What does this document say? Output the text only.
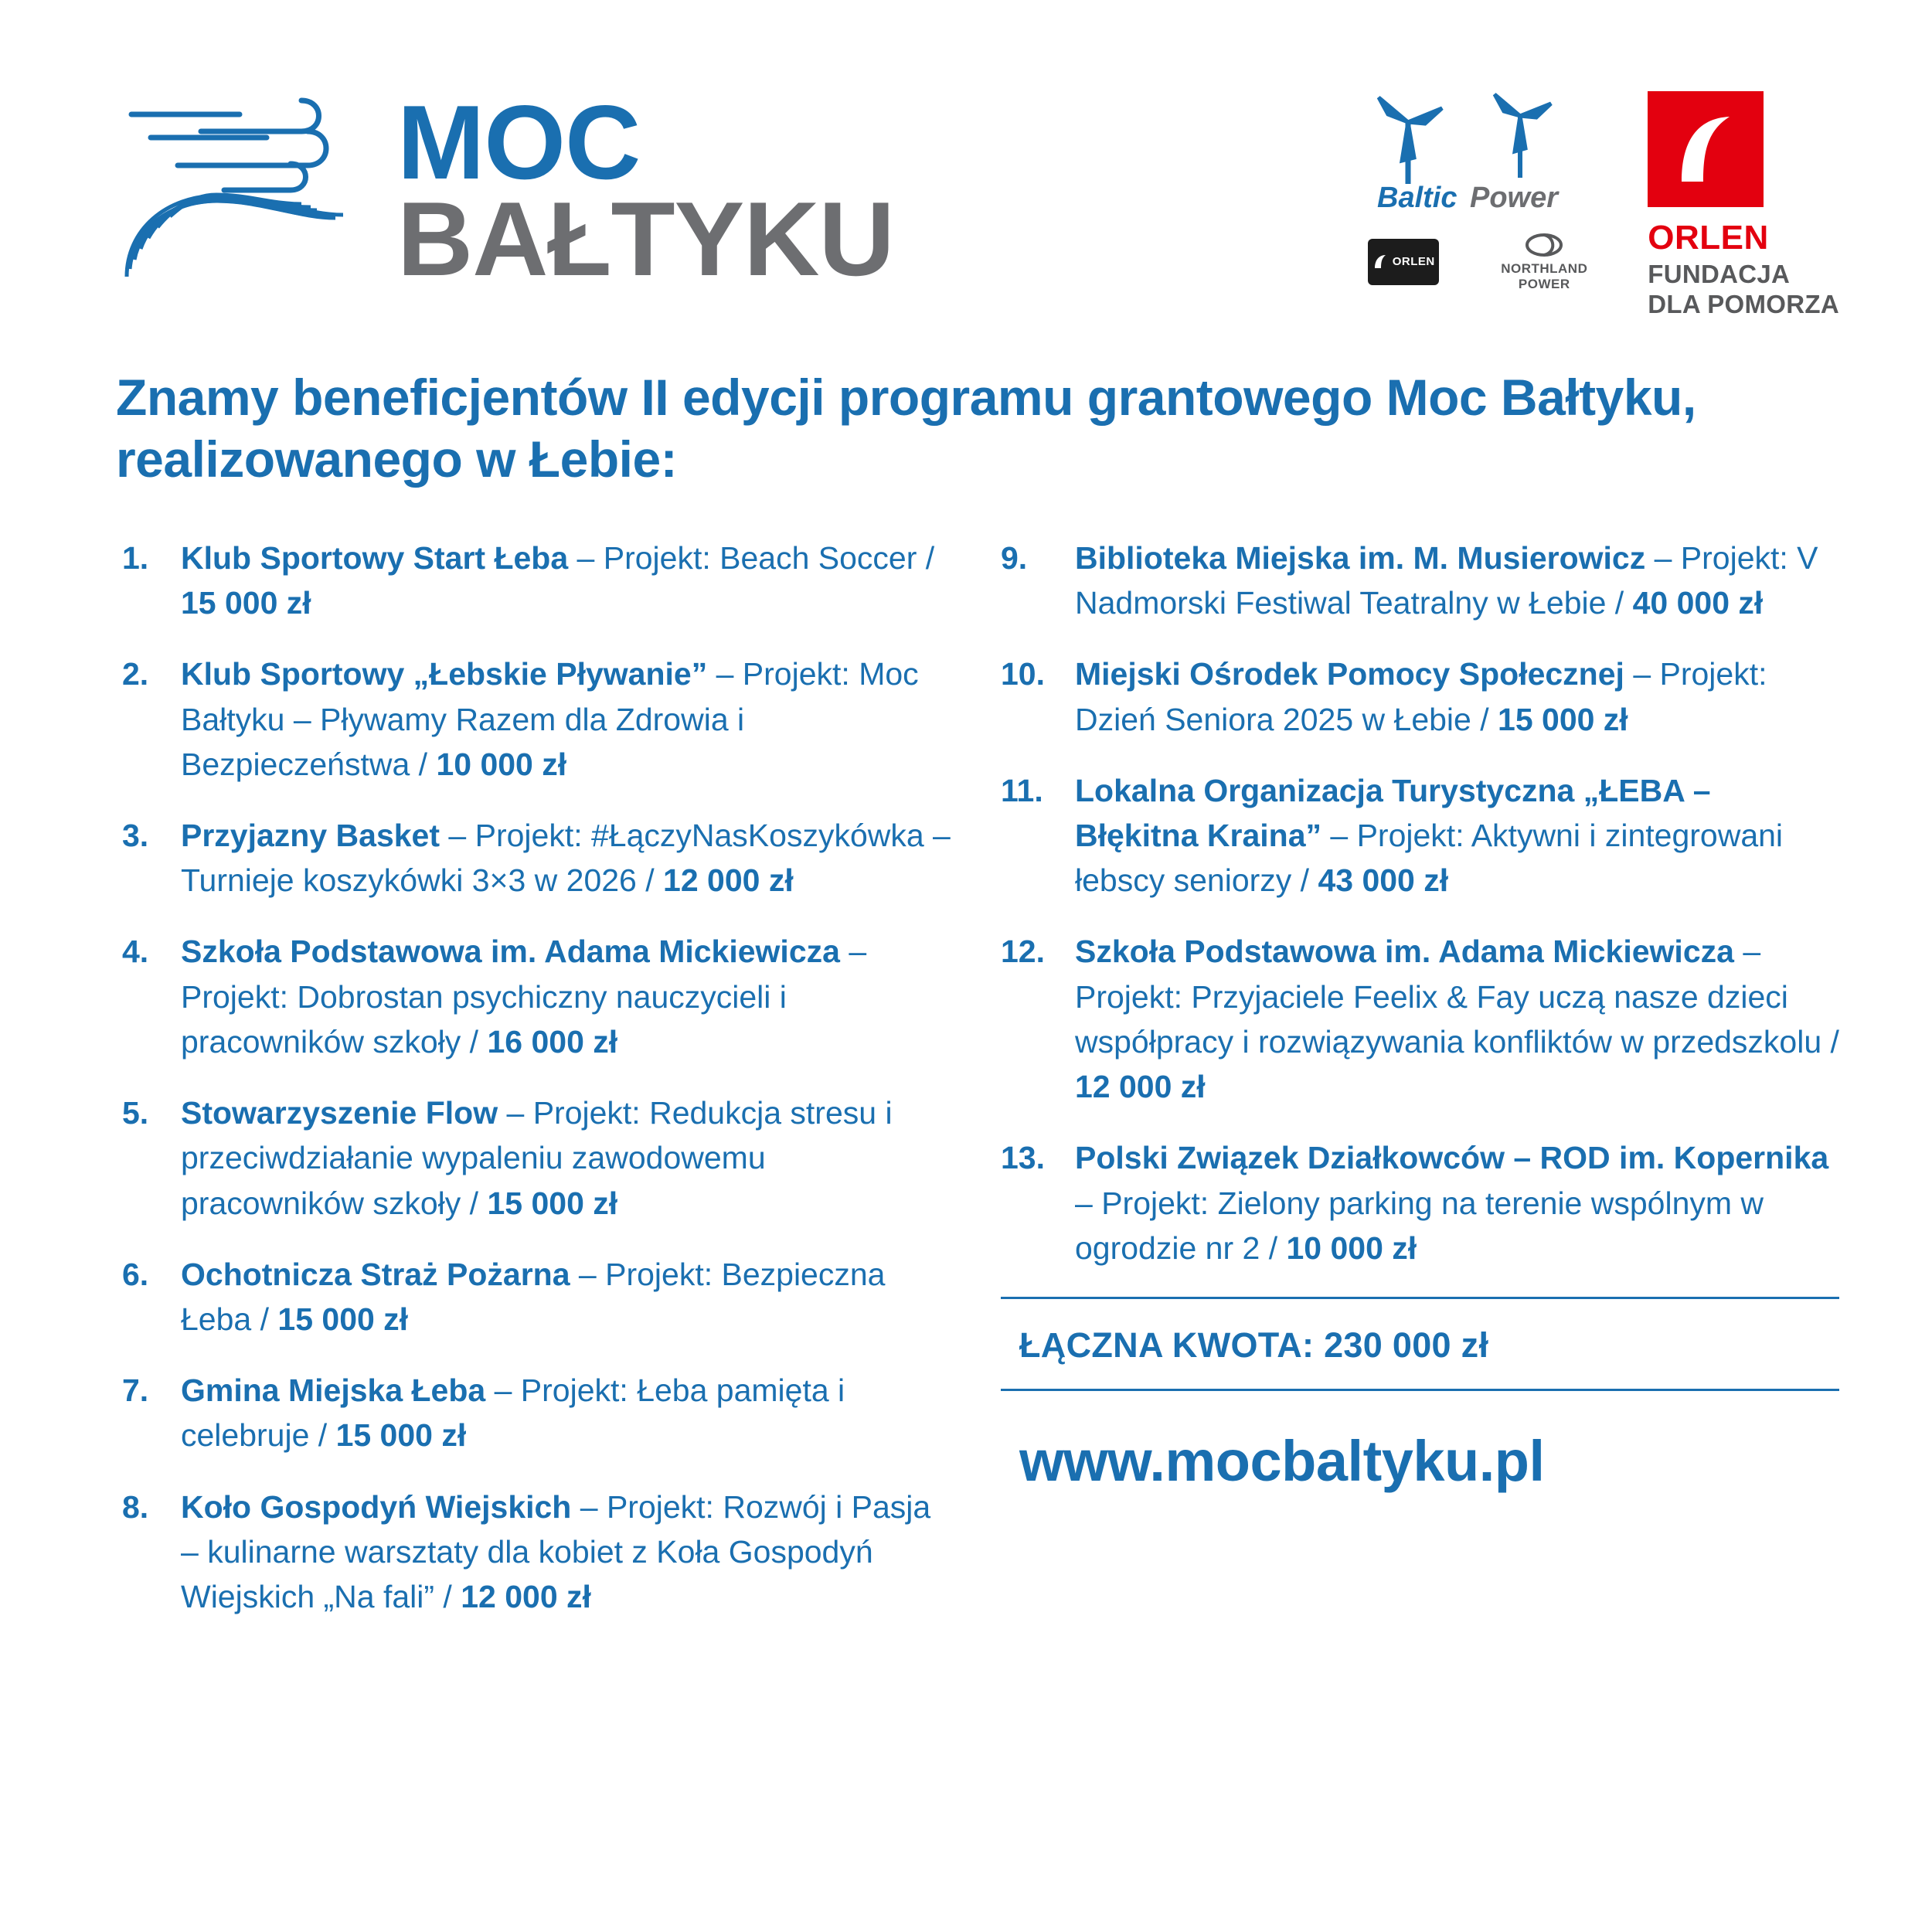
MOC
BAŁTYKU	Baltic Power
ORLEN	NORTHLAND
POWER
ORLEN
FUNDACJA
DLA POMORZA
Znamy beneficjentów II edycji programu grantowego Moc Bałtyku, realizowanego w Łebie:
1.	Klub Sportowy Start Łeba – Projekt: Beach Soccer / 15 000 zł
2.	Klub Sportowy „Łebskie Pływanie” – Projekt: Moc Bałtyku – Pływamy Razem dla Zdrowia i Bezpieczeństwa / 10 000 zł
3.	Przyjazny Basket – Projekt: #ŁączyNasKoszykówka – Turnieje koszykówki 3×3 w 2026 / 12 000 zł
4.	Szkoła Podstawowa im. Adama Mickiewicza – Projekt: Dobrostan psychiczny nauczycieli i pracowników szkoły / 16 000 zł
5.	Stowarzyszenie Flow – Projekt: Redukcja stresu i przeciwdziałanie wypaleniu zawodowemu pracowników szkoły / 15 000 zł
6.	Ochotnicza Straż Pożarna – Projekt: Bezpieczna Łeba / 15 000 zł
7.	Gmina Miejska Łeba – Projekt: Łeba pamięta i celebruje / 15 000 zł
8.	Koło Gospodyń Wiejskich – Projekt: Rozwój i Pasja – kulinarne warsztaty dla kobiet z Koła Gospodyń Wiejskich „Na fali” / 12 000 zł
9.	Biblioteka Miejska im. M. Musierowicz – Projekt: V Nadmorski Festiwal Teatralny w Łebie / 40 000 zł
10. Miejski Ośrodek Pomocy Społecznej – Projekt: Dzień Seniora 2025 w Łebie / 15 000 zł
11.	Lokalna Organizacja Turystyczna „ŁEBA – Błękitna Kraina” – Projekt: Aktywni i zintegrowani łebscy seniorzy / 43 000 zł
12. Szkoła Podstawowa im. Adama Mickiewicza – Projekt: Przyjaciele Feelix & Fay uczą nasze dzieci współpracy i rozwiązywania konfliktów w przedszkolu / 12 000 zł
13. Polski Związek Działkowców – ROD im. Kopernika – Projekt: Zielony parking na terenie wspólnym w ogrodzie nr 2 / 10 000 zł
ŁĄCZNA KWOTA: 230 000 zł
www.mocbaltyku.pl
